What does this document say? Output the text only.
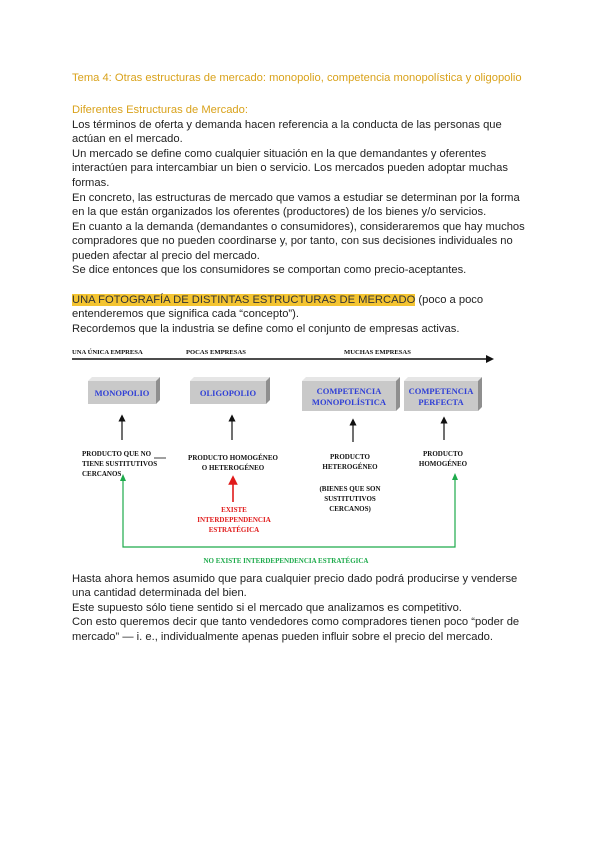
Tema 4: Otras estructuras de mercado: monopolio, competencia monopolística y oligopolio
Diferentes Estructuras de Mercado:
Los términos de oferta y demanda hacen referencia a la conducta de las personas que
actúan en el mercado.
Un mercado se define como cualquier situación en la que demandantes y oferentes
interactúen para intercambiar un bien o servicio. Los mercados pueden adoptar muchas
formas.
En concreto, las estructuras de mercado que vamos a estudiar se determinan por la forma
en la que están organizados los oferentes (productores) de los bienes y/o servicios.
En cuanto a la demanda (demandantes o consumidores), consideraremos que hay muchos
compradores que no pueden coordinarse y, por tanto, con sus decisiones individuales no
pueden afectar al precio del mercado.
Se dice entonces que los consumidores se comportan como precio-aceptantes.
UNA FOTOGRAFÍA DE DISTINTAS ESTRUCTURAS DE MERCADO (poco a poco
entenderemos que significa cada “concepto”).
Recordemos que la industria se define como el conjunto de empresas activas.
UNA ÚNICA EMPRESA	POCAS EMPRESAS	MUCHAS EMPRESAS
MONOPOLIO	OLIGOPOLIO	COMPETENCIA
MONOPOLÍSTICA
COMPETENCIA
PERFECTA
PRODUCTO QUE NO
TIENE SUSTITUTIVOS
CERCANOS
PRODUCTO HOMOGÉNEO
O HETEROGÉNEO
PRODUCTO
HETEROGÉNEO
(BIENES QUE SON
SUSTITUTIVOS
CERCANOS)
PRODUCTO
HOMOGÉNEO
EXISTE
INTERDEPENDENCIA
ESTRATÉGICA
NO EXISTE INTERDEPENDENCIA ESTRATÉGICA
Hasta ahora hemos asumido que para cualquier precio dado podrá producirse y venderse
una cantidad determinada del bien.
Este supuesto sólo tiene sentido si el mercado que analizamos es competitivo.
Con esto queremos decir que tanto vendedores como compradores tienen poco “poder de
mercado” — i. e., individualmente apenas pueden influir sobre el precio del mercado.
